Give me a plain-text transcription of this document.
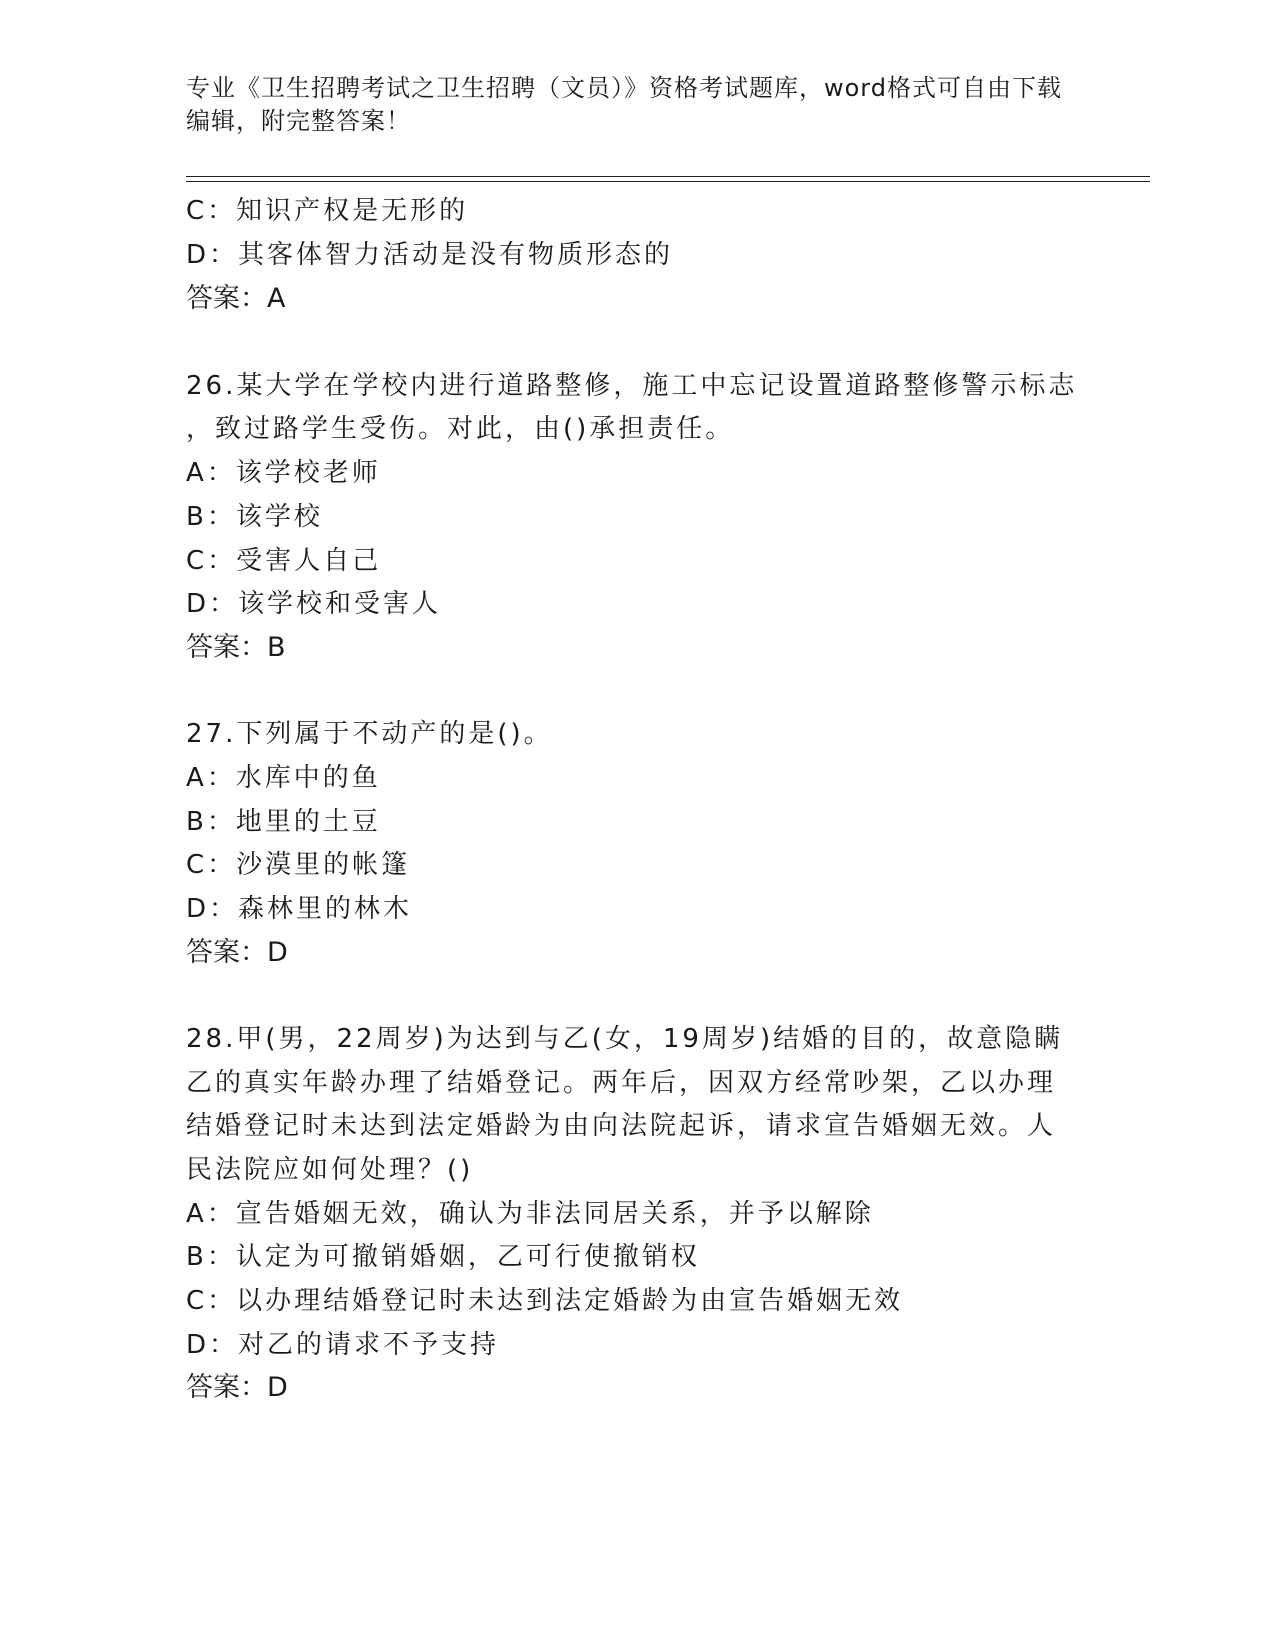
专业《卫生招聘考试之卫生招聘（文员）》资格考试题库，word格式可自由下载
编辑，附完整答案！
C：知识产权是无形的
D：其客体智力活动是没有物质形态的
答案：A
26.某大学在学校内进行道路整修，施工中忘记设置道路整修警示标志
，致过路学生受伤。对此，由()承担责任。
A：该学校老师
B：该学校
C：受害人自己
D：该学校和受害人
答案：B
27.下列属于不动产的是()。
A：水库中的鱼
B：地里的土豆
C：沙漠里的帐篷
D：森林里的林木
答案：D
28.甲(男，22周岁)为达到与乙(女，19周岁)结婚的目的，故意隐瞒
乙的真实年龄办理了结婚登记。两年后，因双方经常吵架，乙以办理
结婚登记时未达到法定婚龄为由向法院起诉，请求宣告婚姻无效。人
民法院应如何处理？()
A：宣告婚姻无效，确认为非法同居关系，并予以解除
B：认定为可撤销婚姻，乙可行使撤销权
C：以办理结婚登记时未达到法定婚龄为由宣告婚姻无效
D：对乙的请求不予支持
答案：D
